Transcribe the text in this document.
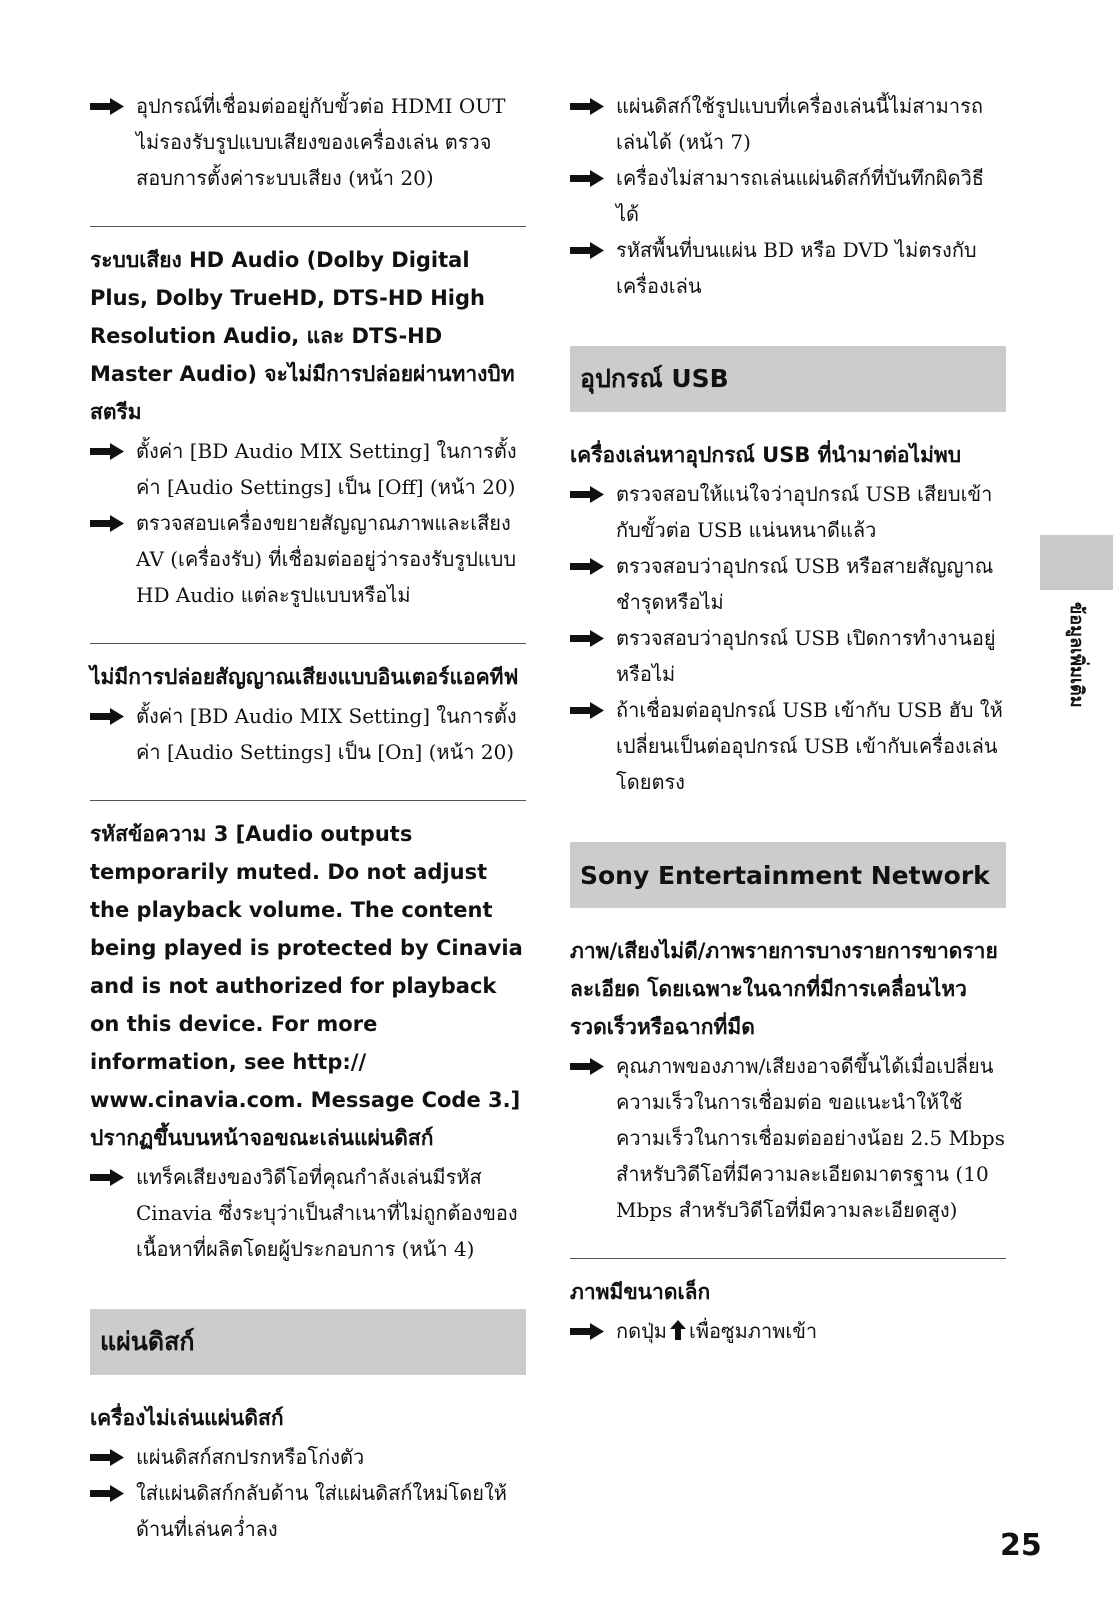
อุปกรณ์ที่เชื่อมต่ออยู่กับขั้วต่อ HDMI OUT ไม่รองรับรูปแบบเสียงของเครื่องเล่น ตรวจสอบการตั้งค่าระบบเสียง (หน้า 20)

ระบบเสียง HD Audio (Dolby Digital Plus, Dolby TrueHD, DTS-HD High Resolution Audio, และ DTS-HD Master Audio) จะไม่มีการปล่อยผ่านทางบิทสตรีม

ตั้งค่า [BD Audio MIX Setting] ในการตั้งค่า [Audio Settings] เป็น [Off] (หน้า 20)

ตรวจสอบเครื่องขยายสัญญาณภาพและเสียง AV (เครื่องรับ) ที่เชื่อมต่ออยู่ว่ารองรับรูปแบบ HD Audio แต่ละรูปแบบหรือไม่

ไม่มีการปล่อยสัญญาณเสียงแบบอินเตอร์แอคทีฟ

ตั้งค่า [BD Audio MIX Setting] ในการตั้งค่า [Audio Settings] เป็น [On] (หน้า 20)

รหัสข้อความ 3 [Audio outputs temporarily muted. Do not adjust the playback volume. The content being played is protected by Cinavia and is not authorized for playback on this device. For more information, see http:// www.cinavia.com. Message Code 3.] ปรากฏขึ้นบนหน้าจอขณะเล่นแผ่นดิสก์

แทร็คเสียงของวิดีโอที่คุณกำลังเล่นมีรหัส Cinavia ซึ่งระบุว่าเป็นสำเนาที่ไม่ถูกต้องของเนื้อหาที่ผลิตโดยผู้ประกอบการ (หน้า 4)

แผ่นดิสก์

เครื่องไม่เล่นแผ่นดิสก์

แผ่นดิสก์สกปรกหรือโก่งตัว

ใส่แผ่นดิสก์กลับด้าน ใส่แผ่นดิสก์ใหม่โดยให้ด้านที่เล่นคว่ำลง

แผ่นดิสก์ใช้รูปแบบที่เครื่องเล่นนี้ไม่สามารถเล่นได้ (หน้า 7)

เครื่องไม่สามารถเล่นแผ่นดิสก์ที่บันทึกผิดวิธีได้

รหัสพื้นที่บนแผ่น BD หรือ DVD ไม่ตรงกับเครื่องเล่น

อุปกรณ์ USB

เครื่องเล่นหาอุปกรณ์ USB ที่นำมาต่อไม่พบ

ตรวจสอบให้แน่ใจว่าอุปกรณ์ USB เสียบเข้ากับขั้วต่อ USB แน่นหนาดีแล้ว

ตรวจสอบว่าอุปกรณ์ USB หรือสายสัญญาณชำรุดหรือไม่

ตรวจสอบว่าอุปกรณ์ USB เปิดการทำงานอยู่หรือไม่

ถ้าเชื่อมต่ออุปกรณ์ USB เข้ากับ USB ฮับ ให้เปลี่ยนเป็นต่ออุปกรณ์ USB เข้ากับเครื่องเล่นโดยตรง

Sony Entertainment Network

ภาพ/เสียงไม่ดี/ภาพรายการบางรายการขาดรายละเอียด โดยเฉพาะในฉากที่มีการเคลื่อนไหวรวดเร็วหรือฉากที่มืด

คุณภาพของภาพ/เสียงอาจดีขึ้นได้เมื่อเปลี่ยนความเร็วในการเชื่อมต่อ ขอแนะนำให้ใช้ความเร็วในการเชื่อมต่ออย่างน้อย 2.5 Mbps สำหรับวิดีโอที่มีความละเอียดมาตรฐาน (10 Mbps สำหรับวิดีโอที่มีความละเอียดสูง)

ภาพมีขนาดเล็ก

กดปุ่ม เพื่อซูมภาพเข้า

ข้อมูลเพิ่มเติม
25
